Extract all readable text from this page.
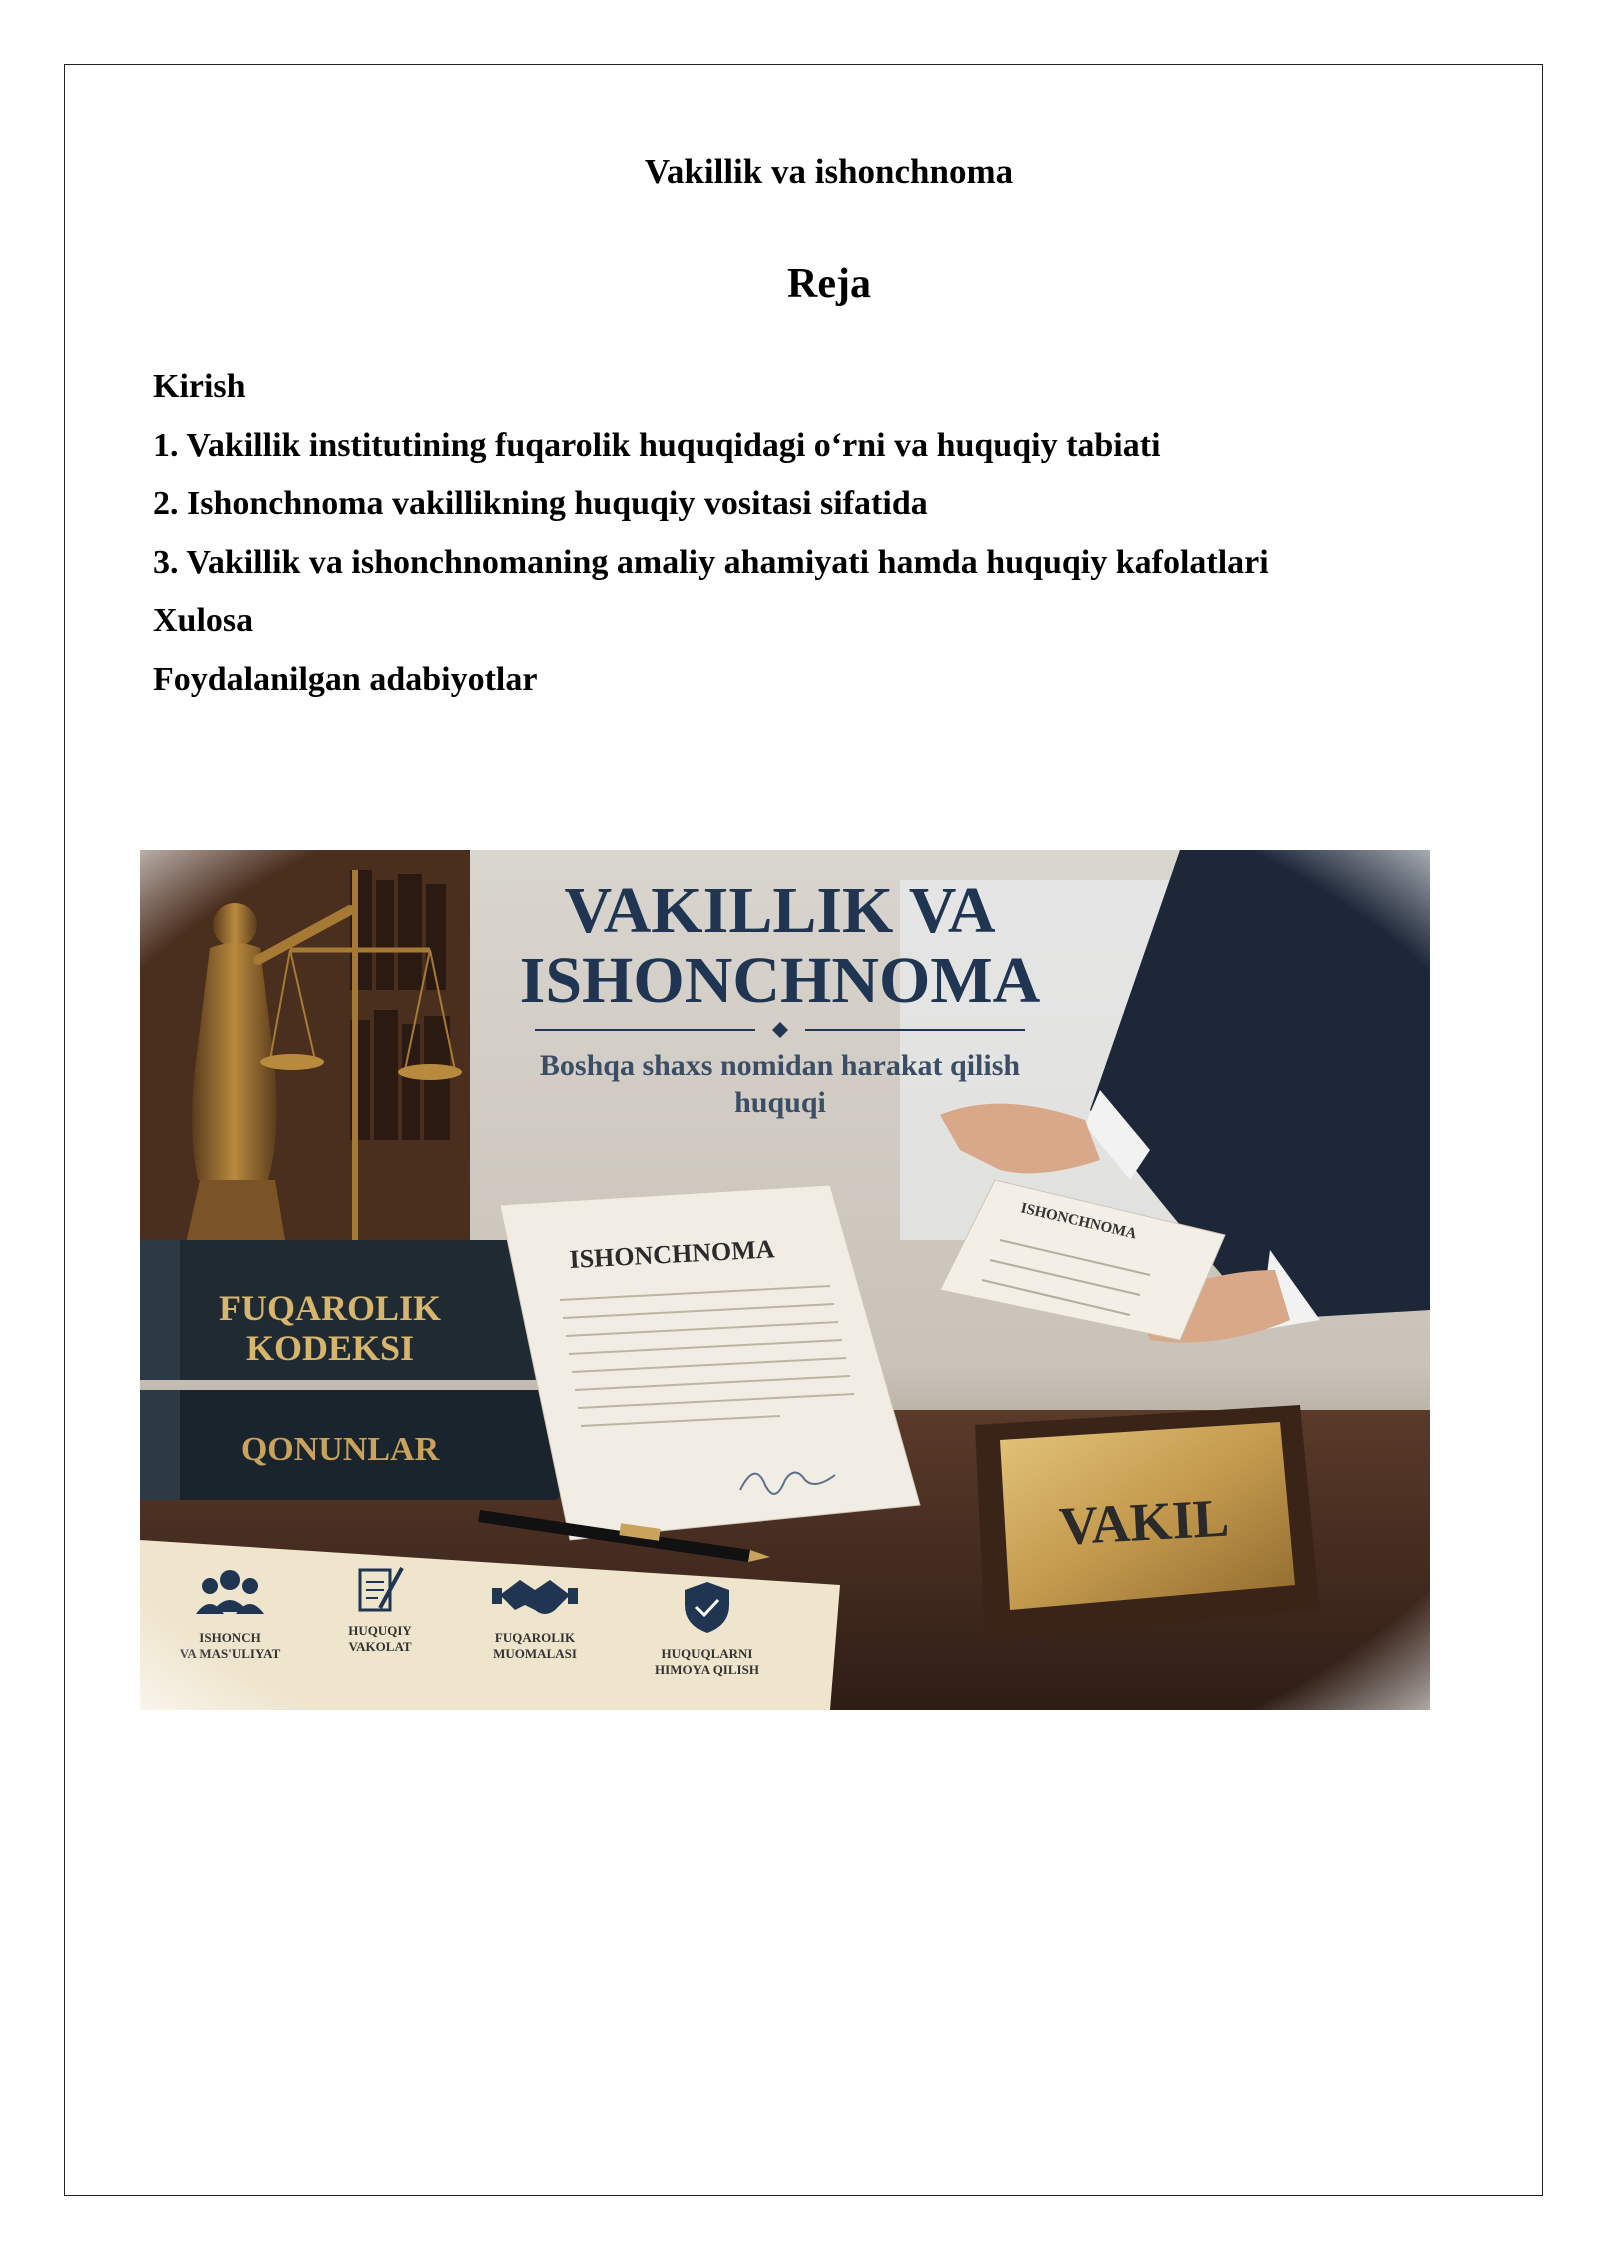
Vakillik va ishonchnoma
Reja
Kirish
1. Vakillik institutining fuqarolik huquqidagi o‘rni va huquqiy tabiati
2. Ishonchnoma vakillikning huquqiy vositasi sifatida
3. Vakillik va ishonchnomaning amaliy ahamiyati hamda huquqiy kafolatlari
Xulosa
Foydalanilgan adabiyotlar
